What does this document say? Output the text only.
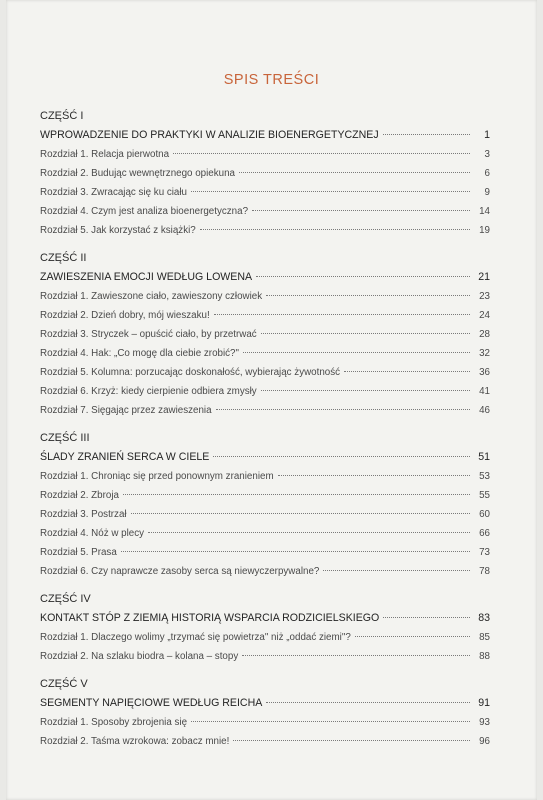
SPIS TREŚCI
CZĘŚĆ I
WPROWADZENIE DO PRAKTYKI W ANALIZIE BIOENERGETYCZNEJ	1
Rozdział 1. Relacja pierwotna	3
Rozdział 2. Budując wewnętrznego opiekuna	6
Rozdział 3. Zwracając się ku ciału	9
Rozdział 4. Czym jest analiza bioenergetyczna?	14
Rozdział 5. Jak korzystać z książki?	19
CZĘŚĆ II
ZAWIESZENIA EMOCJI WEDŁUG LOWENA	21
Rozdział 1. Zawieszone ciało, zawieszony człowiek	23
Rozdział 2. Dzień dobry, mój wieszaku!	24
Rozdział 3. Stryczek – opuścić ciało, by przetrwać	28
Rozdział 4. Hak: „Co mogę dla ciebie zrobić?"	32
Rozdział 5. Kolumna: porzucając doskonałość, wybierając żywotność	36
Rozdział 6. Krzyż: kiedy cierpienie odbiera zmysły	41
Rozdział 7. Sięgając przez zawieszenia	46
CZĘŚĆ III
ŚLADY ZRANIEŃ SERCA W CIELE	51
Rozdział 1. Chroniąc się przed ponownym zranieniem	53
Rozdział 2. Zbroja	55
Rozdział 3. Postrzał	60
Rozdział 4. Nóż w plecy	66
Rozdział 5. Prasa	73
Rozdział 6. Czy naprawcze zasoby serca są niewyczerpywalne?	78
CZĘŚĆ IV
KONTAKT STÓP Z ZIEMIĄ HISTORIĄ WSPARCIA RODZICIELSKIEGO	83
Rozdział 1. Dlaczego wolimy „trzymać się powietrza" niż „oddać ziemi"?	85
Rozdział 2. Na szlaku biodra – kolana – stopy	88
CZĘŚĆ V
SEGMENTY NAPIĘCIOWE WEDŁUG REICHA	91
Rozdział 1. Sposoby zbrojenia się	93
Rozdział 2. Taśma wzrokowa: zobacz mnie!	96
